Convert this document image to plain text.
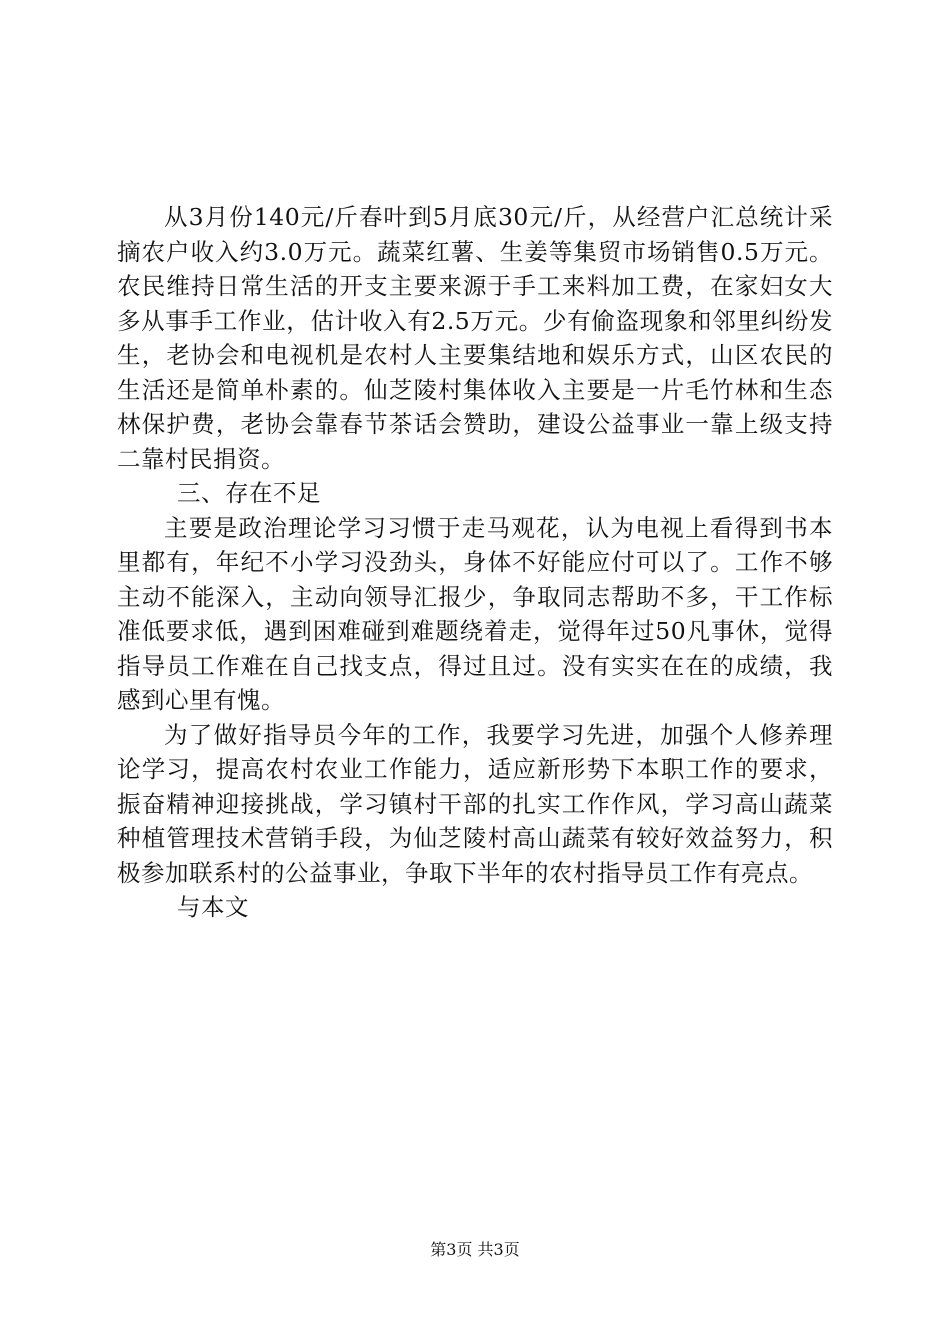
从3月份140元/斤春叶到5月底30元/斤，从经营户汇总统计采摘农户收入约3.0万元。蔬菜红薯、生姜等集贸市场销售0.5万元。农民维持日常生活的开支主要来源于手工来料加工费，在家妇女大多从事手工作业，估计收入有2.5万元。少有偷盗现象和邻里纠纷发生，老协会和电视机是农村人主要集结地和娱乐方式，山区农民的生活还是简单朴素的。仙芝陵村集体收入主要是一片毛竹林和生态林保护费，老协会靠春节茶话会赞助，建设公益事业一靠上级支持二靠村民捐资。

三、存在不足

主要是政治理论学习习惯于走马观花，认为电视上看得到书本里都有，年纪不小学习没劲头，身体不好能应付可以了。工作不够主动不能深入，主动向领导汇报少，争取同志帮助不多，干工作标准低要求低，遇到困难碰到难题绕着走，觉得年过50凡事休，觉得指导员工作难在自己找支点，得过且过。没有实实在在的成绩，我感到心里有愧。

为了做好指导员今年的工作，我要学习先进，加强个人修养理论学习，提高农村农业工作能力，适应新形势下本职工作的要求，振奋精神迎接挑战，学习镇村干部的扎实工作作风，学习高山蔬菜种植管理技术营销手段，为仙芝陵村高山蔬菜有较好效益努力，积极参加联系村的公益事业，争取下半年的农村指导员工作有亮点。

与本文

第3页 共3页
